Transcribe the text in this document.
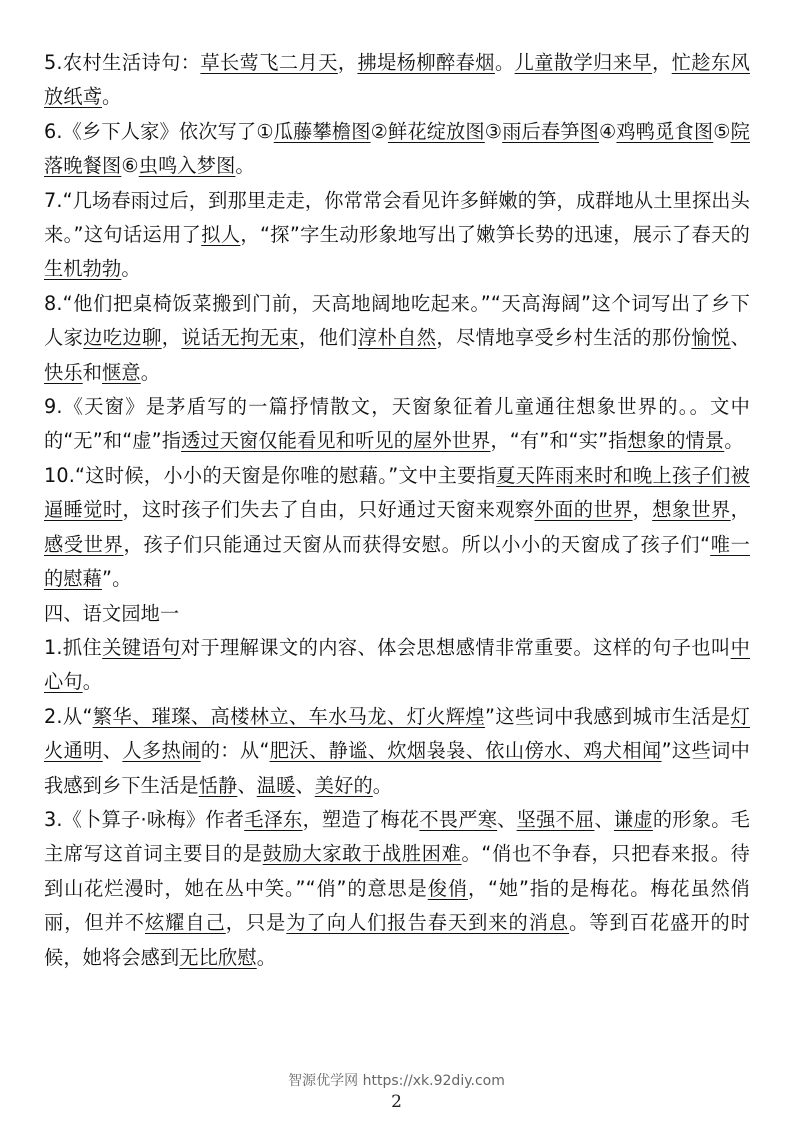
5.农村生活诗句：草长莺飞二月天，拂堤杨柳醉春烟。儿童散学归来早，忙趁东风放纸鸢。

6.《乡下人家》依次写了①瓜藤攀檐图②鲜花绽放图③雨后春笋图④鸡鸭觅食图⑤院落晚餐图⑥虫鸣入梦图。

7.“几场春雨过后，到那里走走，你常常会看见许多鲜嫩的笋，成群地从土里探出头来。”这句话运用了拟人，“探”字生动形象地写出了嫩笋长势的迅速，展示了春天的生机勃勃。

8.“他们把桌椅饭菜搬到门前，天高地阔地吃起来。”“天高海阔”这个词写出了乡下人家边吃边聊，说话无拘无束，他们淳朴自然，尽情地享受乡村生活的那份愉悦、快乐和惬意。

9.《天窗》是茅盾写的一篇抒情散文，天窗象征着儿童通往想象世界的。。文中的“无”和“虚”指透过天窗仅能看见和听见的屋外世界，“有”和“实”指想象的情景。

10.“这时候，小小的天窗是你唯的慰藉。”文中主要指夏天阵雨来时和晚上孩子们被逼睡觉时，这时孩子们失去了自由，只好通过天窗来观察外面的世界，想象世界，感受世界，孩子们只能通过天窗从而获得安慰。所以小小的天窗成了孩子们“唯一的慰藉”。

四、语文园地一

1.抓住关键语句对于理解课文的内容、体会思想感情非常重要。这样的句子也叫中心句。

2.从“繁华、璀璨、高楼林立、车水马龙、灯火辉煌”这些词中我感到城市生活是灯火通明、人多热闹的：从“肥沃、静谧、炊烟袅袅、依山傍水、鸡犬相闻”这些词中我感到乡下生活是恬静、温暖、美好的。

3.《卜算子·咏梅》作者毛泽东，塑造了梅花不畏严寒、坚强不屈、谦虚的形象。毛主席写这首词主要目的是鼓励大家敢于战胜困难。“俏也不争春，只把春来报。待到山花烂漫时，她在丛中笑。”“俏”的意思是俊俏，“她”指的是梅花。梅花虽然俏丽，但并不炫耀自己，只是为了向人们报告春天到来的消息。等到百花盛开的时候，她将会感到无比欣慰。

智源优学网 https://xk.92diy.com
2
